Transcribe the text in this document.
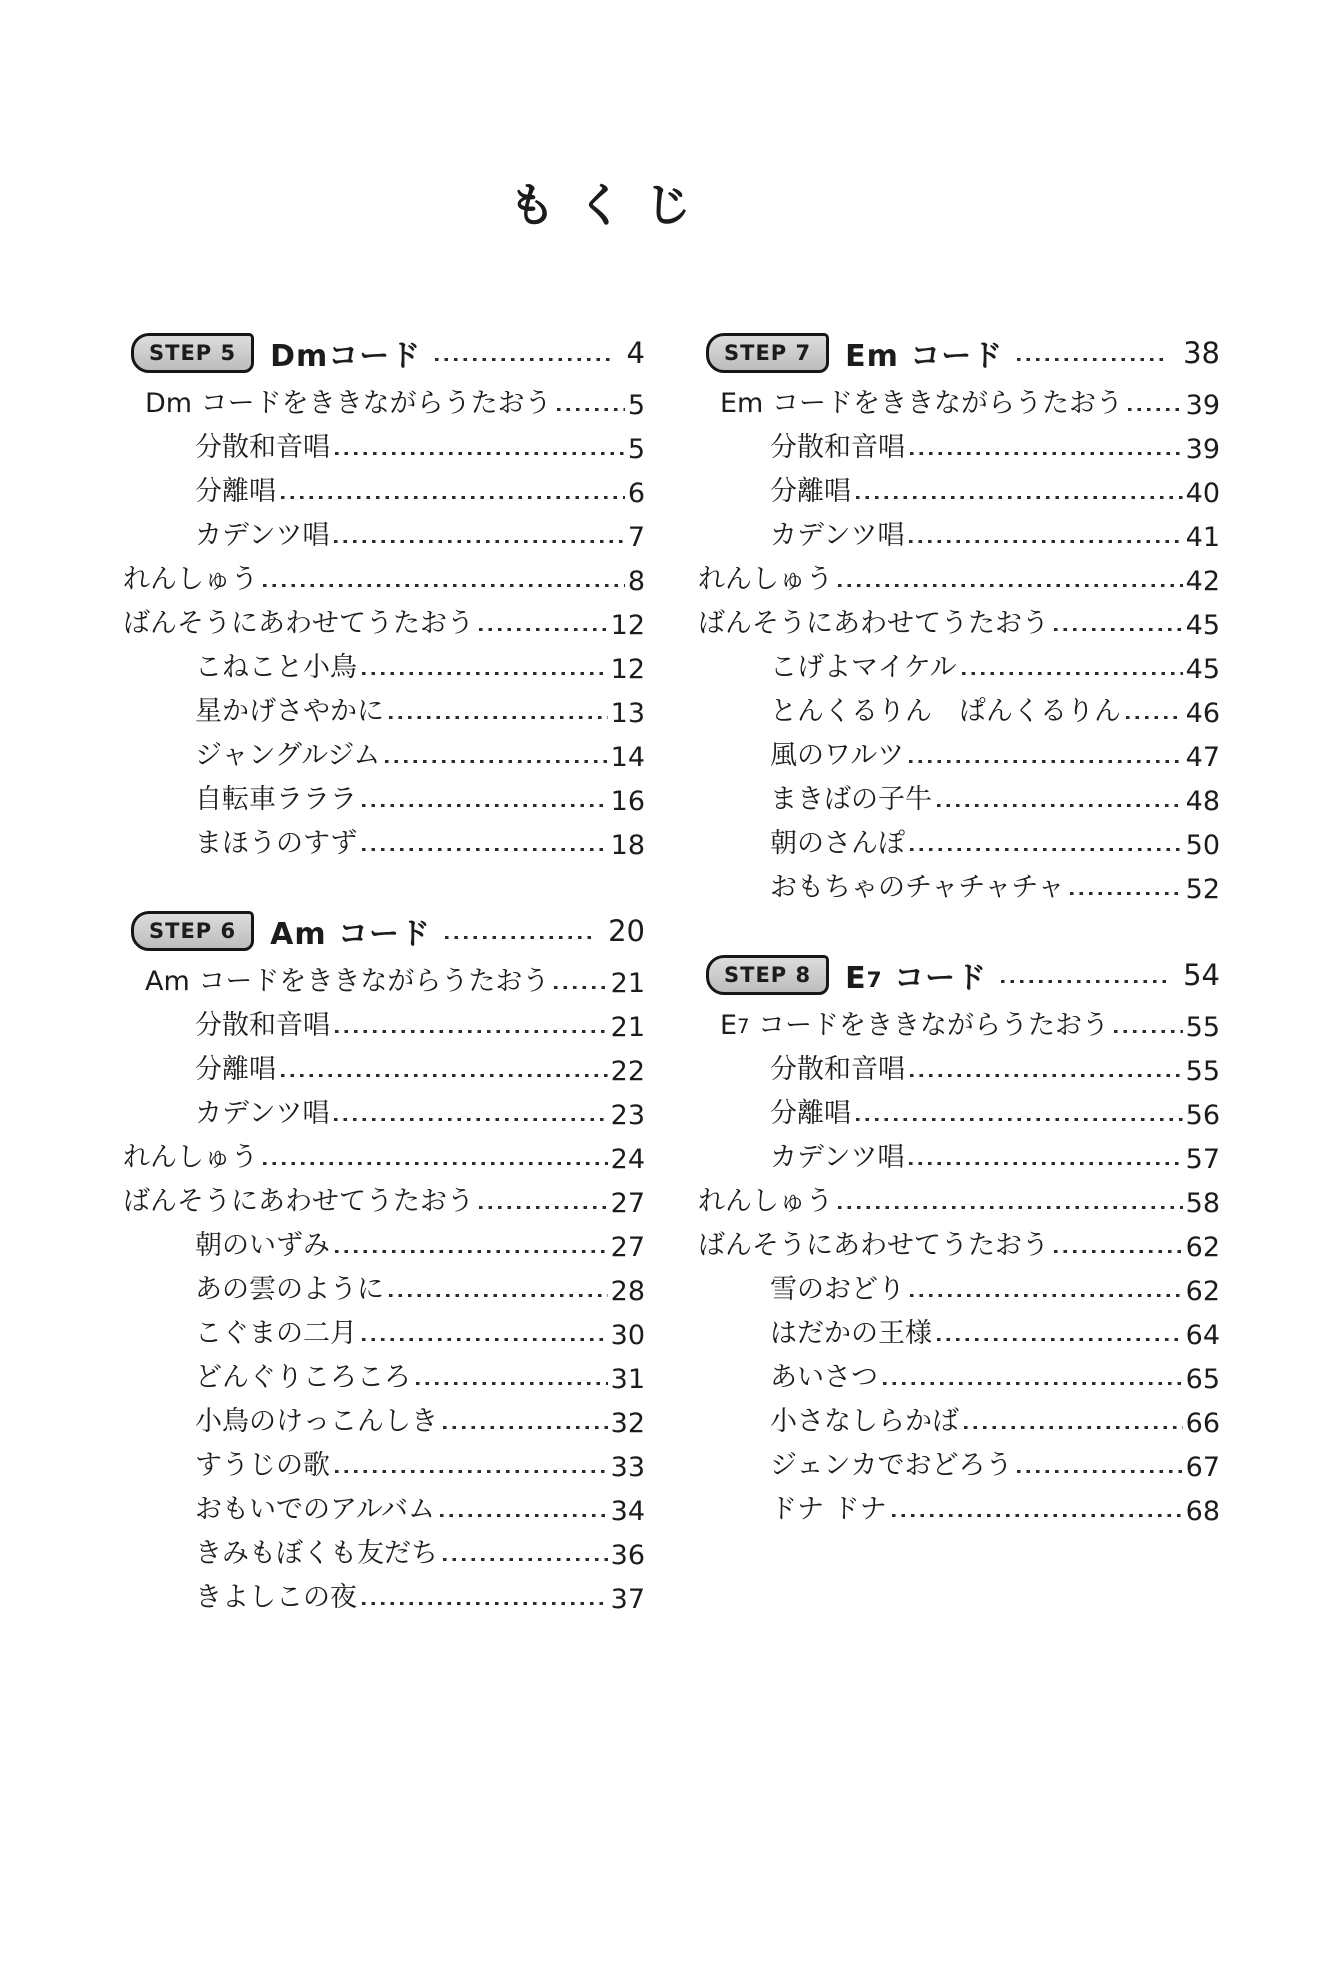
もくじ
STEP 5	Dmコード	4
Dm コードをききながらうたおう	5
分散和音唱	5
分離唱	6
カデンツ唱	7
れんしゅう	8
ばんそうにあわせてうたおう	12
こねこと小鳥	12
星かげさやかに	13
ジャングルジム	14
自転車ラララ	16
まほうのすず	18
STEP 6	Am コード	20
Am コードをききながらうたおう 21
分散和音唱	21
分離唱	22
カデンツ唱	23
れんしゅう	24
ばんそうにあわせてうたおう	27
朝のいずみ	27
あの雲のように	28
こぐまの二月	30
どんぐりころころ	31
小鳥のけっこんしき	32
すうじの歌	33
おもいでのアルバム	34
きみもぼくも友だち	36
きよしこの夜	37
STEP 7	Em コード	38
Em コードをききながらうたおう 39
分散和音唱	39
分離唱	40
カデンツ唱	41
れんしゅう	42
ばんそうにあわせてうたおう	45
こげよマイケル	45
とんくるりん　ぱんくるりん 46
風のワルツ	47
まきばの子牛	48
朝のさんぽ	50
おもちゃのチャチャチャ	52
STEP 8	E7 コード	54
E7 コードをききながらうたおう	55
分散和音唱	55
分離唱	56
カデンツ唱	57
れんしゅう	58
ばんそうにあわせてうたおう	62
雪のおどり	62
はだかの王様	64
あいさつ	65
小さなしらかば	66
ジェンカでおどろう	67
ドナ ドナ	68
